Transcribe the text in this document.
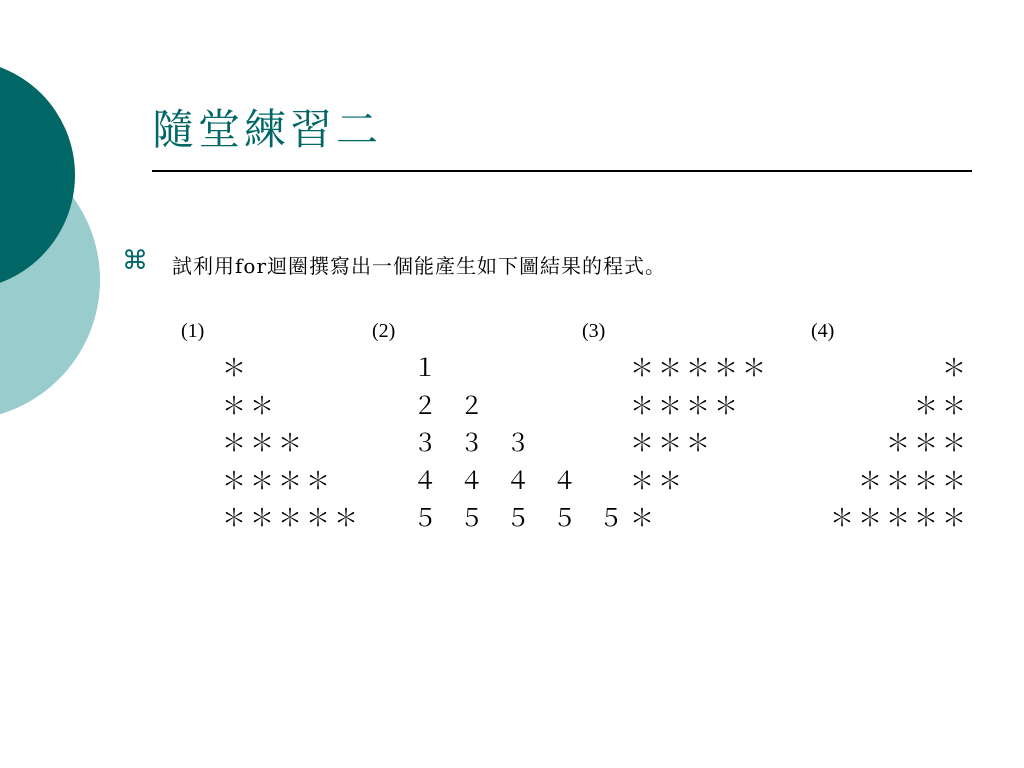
隨堂練習二
⌘ 試利用for迴圈撰寫出一個能產生如下圖結果的程式。
(1)	(2)	(3)	(4)
＊
＊＊
＊＊＊
＊＊＊＊
＊＊＊＊＊
１
２ ２
３ ３ ３
４ ４ ４ ４
５ ５ ５ ５ ５
＊＊＊＊＊
＊＊＊＊
＊＊＊
＊＊
＊
＊
＊＊
＊＊＊
＊＊＊＊
＊＊＊＊＊
